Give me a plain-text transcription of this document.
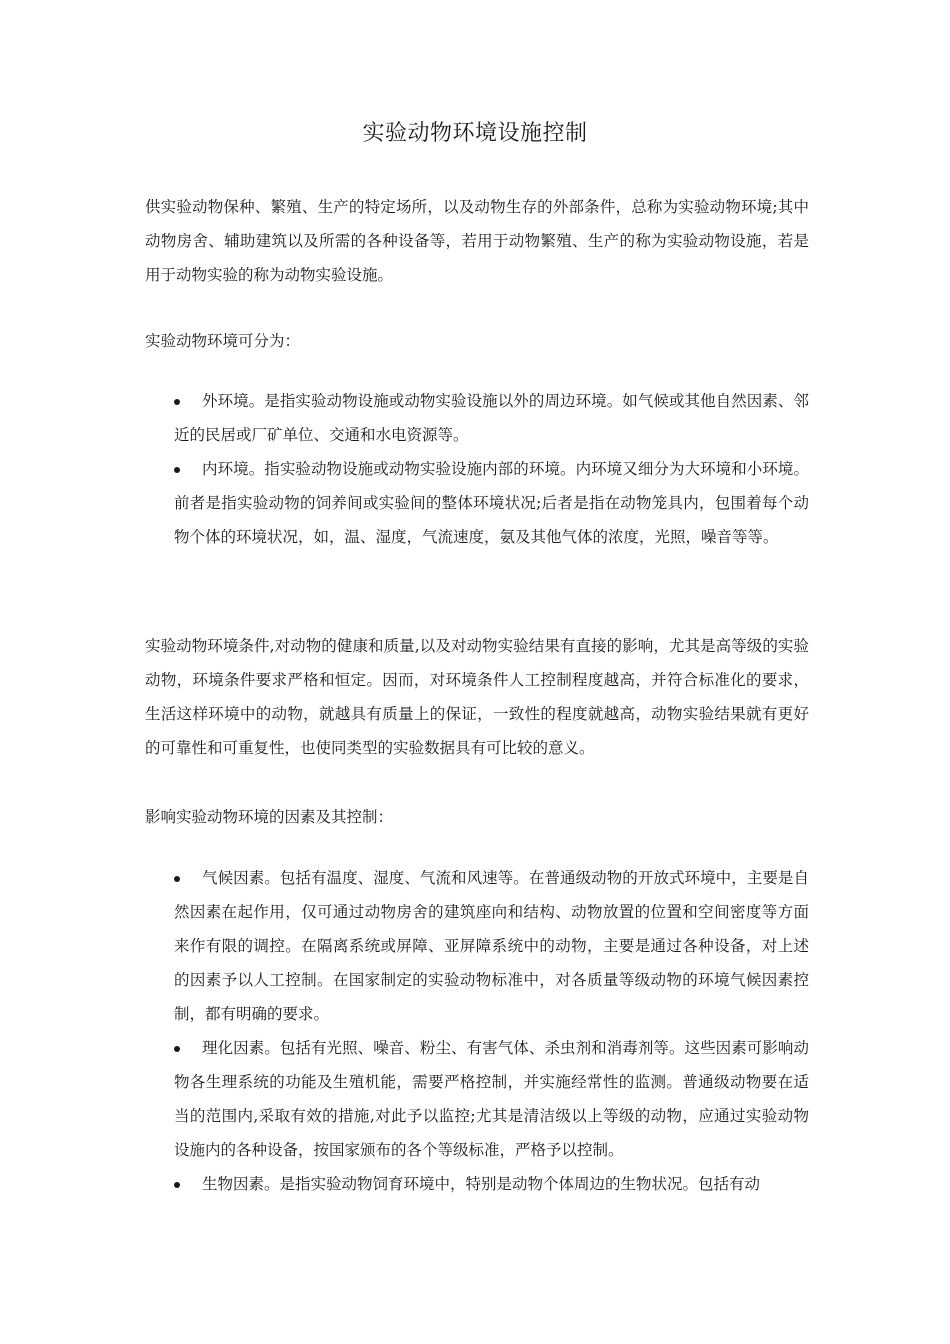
实验动物环境设施控制
供实验动物保种、繁殖、生产的特定场所，以及动物生存的外部条件，总称为实验动物环境;其中动物房舍、辅助建筑以及所需的各种设备等，若用于动物繁殖、生产的称为实验动物设施，若是用于动物实验的称为动物实验设施。
实验动物环境可分为：
外环境。是指实验动物设施或动物实验设施以外的周边环境。如气候或其他自然因素、邻近的民居或厂矿单位、交通和水电资源等。
内环境。指实验动物设施或动物实验设施内部的环境。内环境又细分为大环境和小环境。前者是指实验动物的饲养间或实验间的整体环境状况;后者是指在动物笼具内，包围着每个动物个体的环境状况，如，温、湿度，气流速度，氨及其他气体的浓度，光照，噪音等等。
实验动物环境条件,对动物的健康和质量,以及对动物实验结果有直接的影响，尤其是高等级的实验动物，环境条件要求严格和恒定。因而，对环境条件人工控制程度越高，并符合标准化的要求，生活这样环境中的动物，就越具有质量上的保证，一致性的程度就越高，动物实验结果就有更好的可靠性和可重复性，也使同类型的实验数据具有可比较的意义。
影响实验动物环境的因素及其控制：
气候因素。包括有温度、湿度、气流和风速等。在普通级动物的开放式环境中，主要是自然因素在起作用，仅可通过动物房舍的建筑座向和结构、动物放置的位置和空间密度等方面来作有限的调控。在隔离系统或屏障、亚屏障系统中的动物，主要是通过各种设备，对上述的因素予以人工控制。在国家制定的实验动物标准中，对各质量等级动物的环境气候因素控制，都有明确的要求。
理化因素。包括有光照、噪音、粉尘、有害气体、杀虫剂和消毒剂等。这些因素可影响动物各生理系统的功能及生殖机能，需要严格控制，并实施经常性的监测。普通级动物要在适当的范围内,采取有效的措施,对此予以监控;尤其是清洁级以上等级的动物，应通过实验动物设施内的各种设备，按国家颁布的各个等级标准，严格予以控制。
生物因素。是指实验动物饲育环境中，特别是动物个体周边的生物状况。包括有动
